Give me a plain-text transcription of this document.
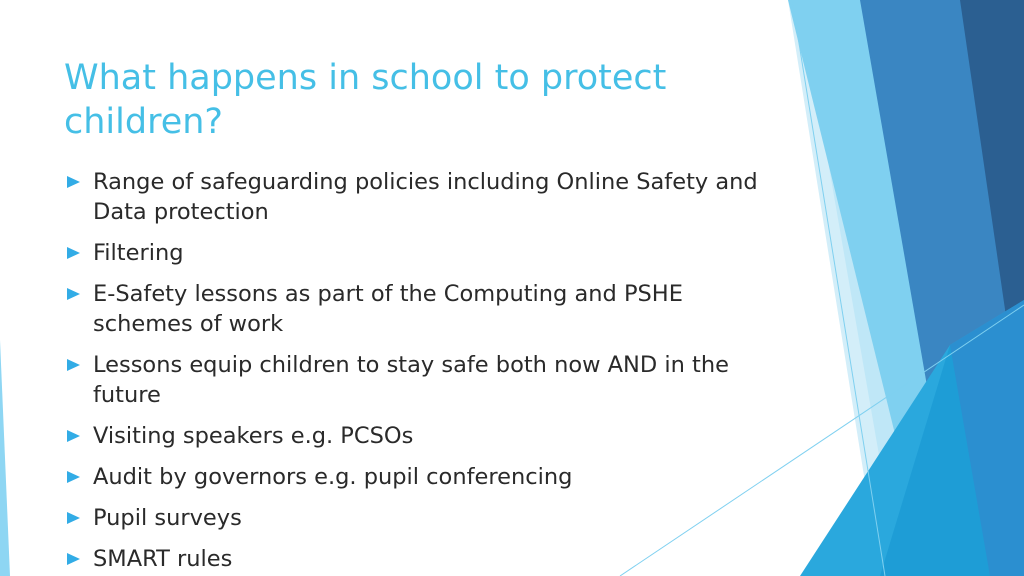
What happens in school to protect children?
Range of safeguarding policies including Online Safety and Data protection
Filtering
E-Safety lessons as part of the Computing and PSHE schemes of work
Lessons equip children to stay safe both now AND in the future
Visiting speakers e.g. PCSOs
Audit by governors e.g. pupil conferencing
Pupil surveys
SMART rules
